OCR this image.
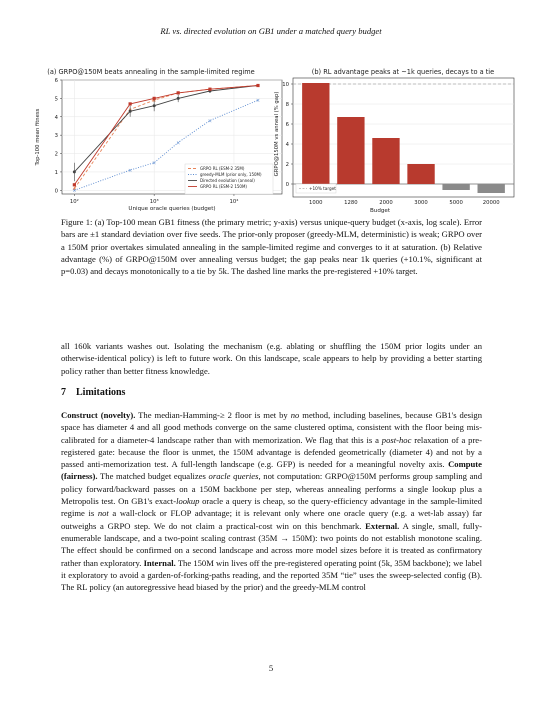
RL vs. directed evolution on GB1 under a matched query budget
(a) GRPO@150M beats annealing in the sample-limited regime
0
1
2
3
4
5
6
10²	10³	10⁴
×
×
×
×
×
×
Top-100 mean fitness
Unique oracle queries (budget)
GRPO RL (ESM-2 35M)
greedy-MLM (prior only, 150M)
Directed evolution (anneal)
GRPO RL (ESM-2 150M)
(b) RL advantage peaks at ~1k queries, decays to a tie
0
2
4
6
8
10
1000	1280	2000	3000	5000	20000
GRPO@150M vs anneal (% gap)
Budget
+10% target
Figure 1: (a) Top-100 mean GB1 fitness (the primary metric; y-axis) versus unique-query budget (x-axis, log scale). Error bars are ±1 standard deviation over five seeds. The prior-only proposer (greedy-MLM, deterministic) is weak; GRPO over a 150M prior overtakes simulated annealing in the sample-limited regime and converges to it at saturation. (b) Relative advantage (%) of GRPO@150M over annealing versus budget; the gap peaks near 1k queries (+10.1%, significant at p=0.03) and decays monotonically to a tie by 5k. The dashed line marks the pre-registered +10% target.

all 160k variants washes out. Isolating the mechanism (e.g. ablating or shuffling the 150M prior logits under an otherwise-identical policy) is left to future work. On this landscape, scale appears to help by providing a better starting policy rather than better fitness knowledge.

7 Limitations

Construct (novelty). The median-Hamming-≥ 2 floor is met by no method, including baselines, because GB1's design space has diameter 4 and all good methods converge on the same clustered optima, consistent with the floor being mis-calibrated for a diameter-4 landscape rather than with memorization. We flag that this is a post-hoc relaxation of a pre-registered gate: because the floor is unmet, the 150M advantage is defended geometrically (diameter 4) and not by a passed anti-memorization test. A full-length landscape (e.g. GFP) is needed for a meaningful novelty axis. Compute (fairness). The matched budget equalizes oracle queries, not computation: GRPO@150M performs group sampling and policy forward/backward passes on a 150M backbone per step, whereas annealing performs a single lookup plus a Metropolis test. On GB1's exact-lookup oracle a query is cheap, so the query-efficiency advantage in the sample-limited regime is not a wall-clock or FLOP advantage; it is relevant only where one oracle query (e.g. a wet-lab assay) far outweighs a GRPO step. We do not claim a practical-cost win on this benchmark. External. A single, small, fully-enumerable landscape, and a two-point scaling contrast (35M → 150M): two points do not establish monotone scaling. The effect should be confirmed on a second landscape and across more model sizes before it is treated as confirmatory rather than exploratory. Internal. The 150M win lives off the pre-registered operating point (5k, 35M backbone); we label it exploratory to avoid a garden-of-forking-paths reading, and the reported 35M “tie” uses the sweep-selected config (B). The RL policy (an autoregressive head biased by the prior) and the greedy-MLM control

5
